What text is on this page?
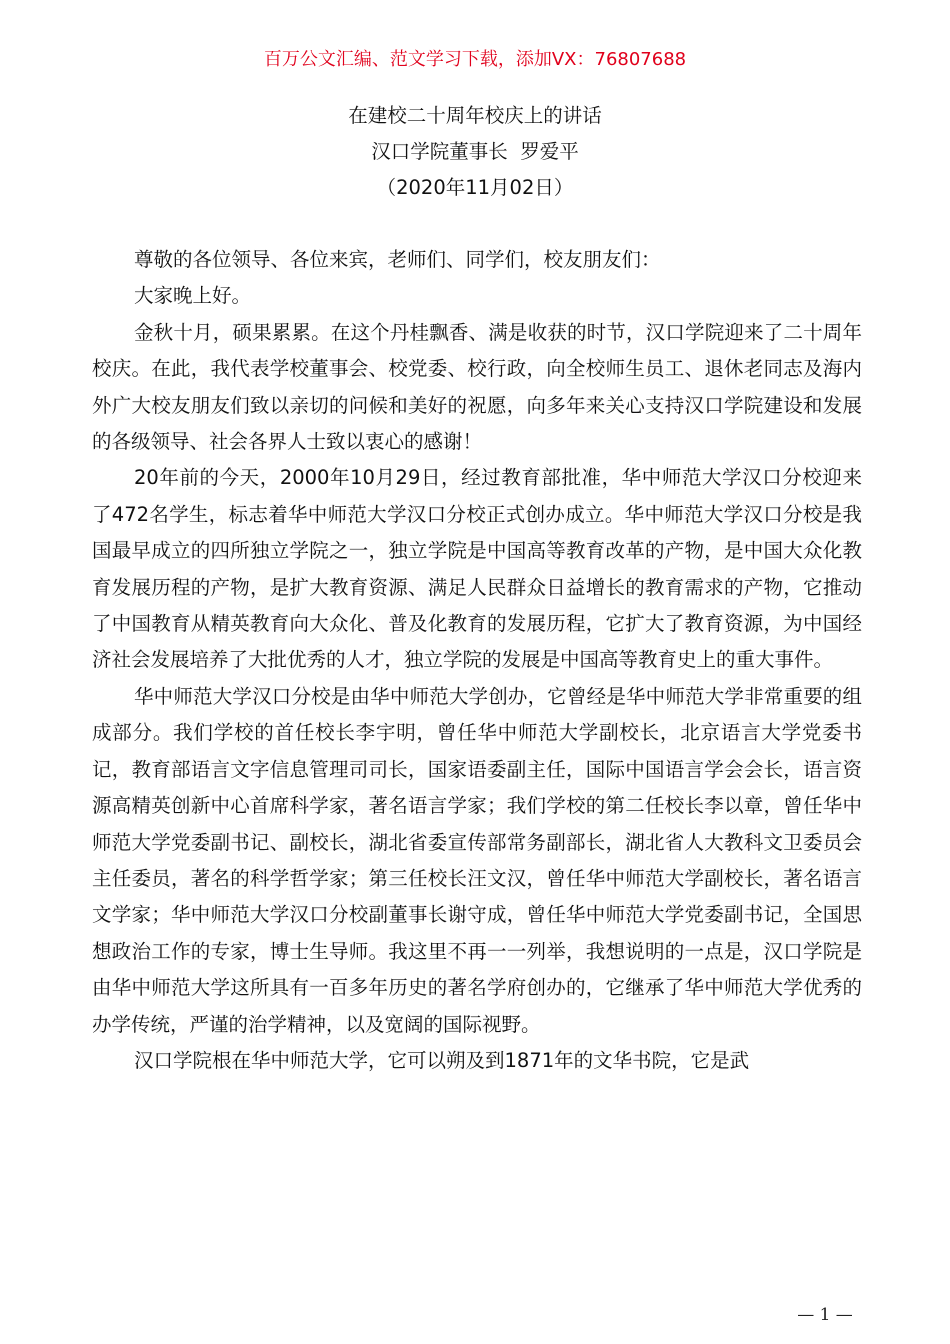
百万公文汇编、范文学习下载，添加VX：76807688
在建校二十周年校庆上的讲话
汉口学院董事长  罗爱平
（2020年11月02日）

尊敬的各位领导、各位来宾，老师们、同学们，校友朋友们：

大家晚上好。

金秋十月，硕果累累。在这个丹桂飘香、满是收获的时节，汉口学院迎来了二十周年校庆。在此，我代表学校董事会、校党委、校行政，向全校师生员工、退休老同志及海内外广大校友朋友们致以亲切的问候和美好的祝愿，向多年来关心支持汉口学院建设和发展的各级领导、社会各界人士致以衷心的感谢！

20年前的今天，2000年10月29日，经过教育部批准，华中师范大学汉口分校迎来了472名学生，标志着华中师范大学汉口分校正式创办成立。华中师范大学汉口分校是我国最早成立的四所独立学院之一，独立学院是中国高等教育改革的产物，是中国大众化教育发展历程的产物，是扩大教育资源、满足人民群众日益增长的教育需求的产物，它推动了中国教育从精英教育向大众化、普及化教育的发展历程，它扩大了教育资源，为中国经济社会发展培养了大批优秀的人才，独立学院的发展是中国高等教育史上的重大事件。

华中师范大学汉口分校是由华中师范大学创办，它曾经是华中师范大学非常重要的组成部分。我们学校的首任校长李宇明，曾任华中师范大学副校长，北京语言大学党委书记，教育部语言文字信息管理司司长，国家语委副主任，国际中国语言学会会长，语言资源高精英创新中心首席科学家，著名语言学家；我们学校的第二任校长李以章，曾任华中师范大学党委副书记、副校长，湖北省委宣传部常务副部长，湖北省人大教科文卫委员会主任委员，著名的科学哲学家；第三任校长汪文汉，曾任华中师范大学副校长，著名语言文学家；华中师范大学汉口分校副董事长谢守成，曾任华中师范大学党委副书记，全国思想政治工作的专家，博士生导师。我这里不再一一列举，我想说明的一点是，汉口学院是由华中师范大学这所具有一百多年历史的著名学府创办的，它继承了华中师范大学优秀的办学传统，严谨的治学精神，以及宽阔的国际视野。

汉口学院根在华中师范大学，它可以朔及到1871年的文华书院，它是武

— 1 —
